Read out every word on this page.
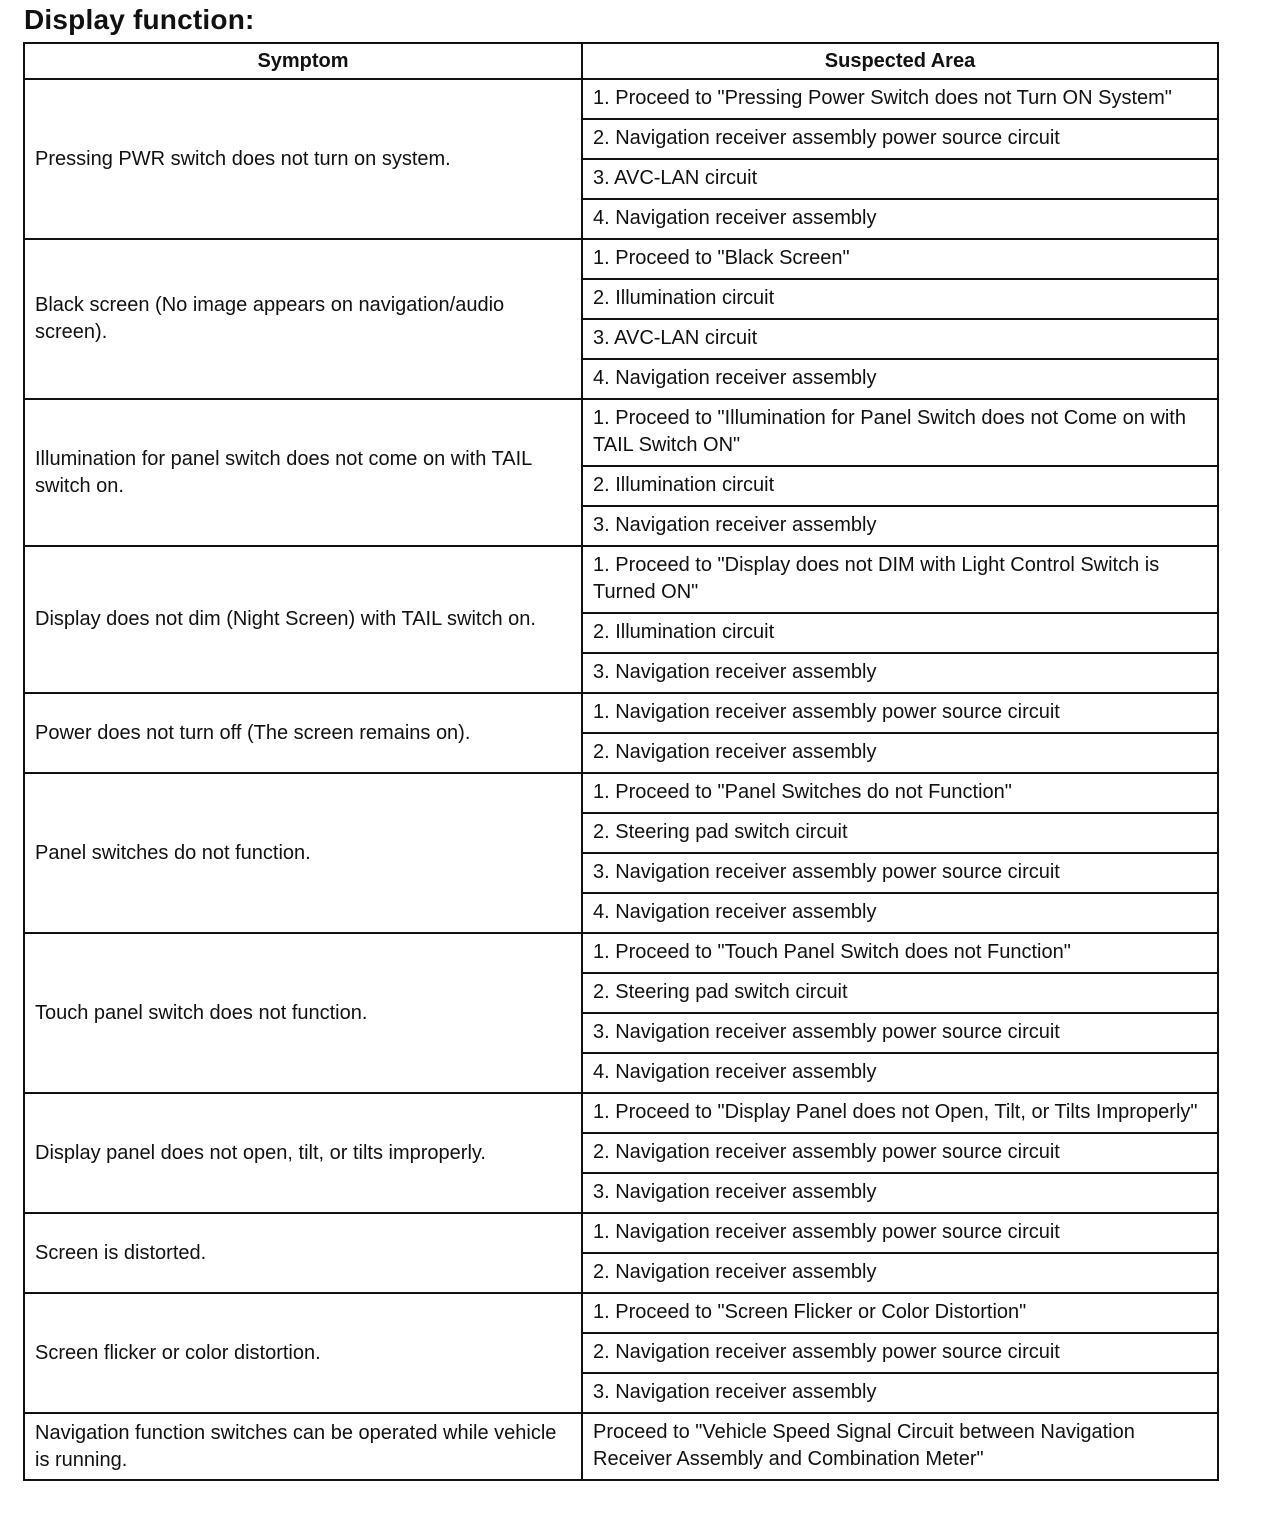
Display function:
Symptom	Suspected Area
Pressing PWR switch does not turn on system.	1. Proceed to "Pressing Power Switch does not Turn ON System"
	2. Navigation receiver assembly power source circuit
	3. AVC-LAN circuit
	4. Navigation receiver assembly
Black screen (No image appears on navigation/audio screen).	1. Proceed to "Black Screen"
	2. Illumination circuit
	3. AVC-LAN circuit
	4. Navigation receiver assembly
Illumination for panel switch does not come on with TAIL switch on.	1. Proceed to "Illumination for Panel Switch does not Come on with TAIL Switch ON"
	2. Illumination circuit
	3. Navigation receiver assembly
Display does not dim (Night Screen) with TAIL switch on.	1. Proceed to "Display does not DIM with Light Control Switch is Turned ON"
	2. Illumination circuit
	3. Navigation receiver assembly
Power does not turn off (The screen remains on).	1. Navigation receiver assembly power source circuit
	2. Navigation receiver assembly
Panel switches do not function.	1. Proceed to "Panel Switches do not Function"
	2. Steering pad switch circuit
	3. Navigation receiver assembly power source circuit
	4. Navigation receiver assembly
Touch panel switch does not function.	1. Proceed to "Touch Panel Switch does not Function"
	2. Steering pad switch circuit
	3. Navigation receiver assembly power source circuit
	4. Navigation receiver assembly
Display panel does not open, tilt, or tilts improperly.	1. Proceed to "Display Panel does not Open, Tilt, or Tilts Improperly"
	2. Navigation receiver assembly power source circuit
	3. Navigation receiver assembly
Screen is distorted.	1. Navigation receiver assembly power source circuit
	2. Navigation receiver assembly
Screen flicker or color distortion.	1. Proceed to "Screen Flicker or Color Distortion"
	2. Navigation receiver assembly power source circuit
	3. Navigation receiver assembly
Navigation function switches can be operated while vehicle is running.	Proceed to "Vehicle Speed Signal Circuit between Navigation Receiver Assembly and Combination Meter"
